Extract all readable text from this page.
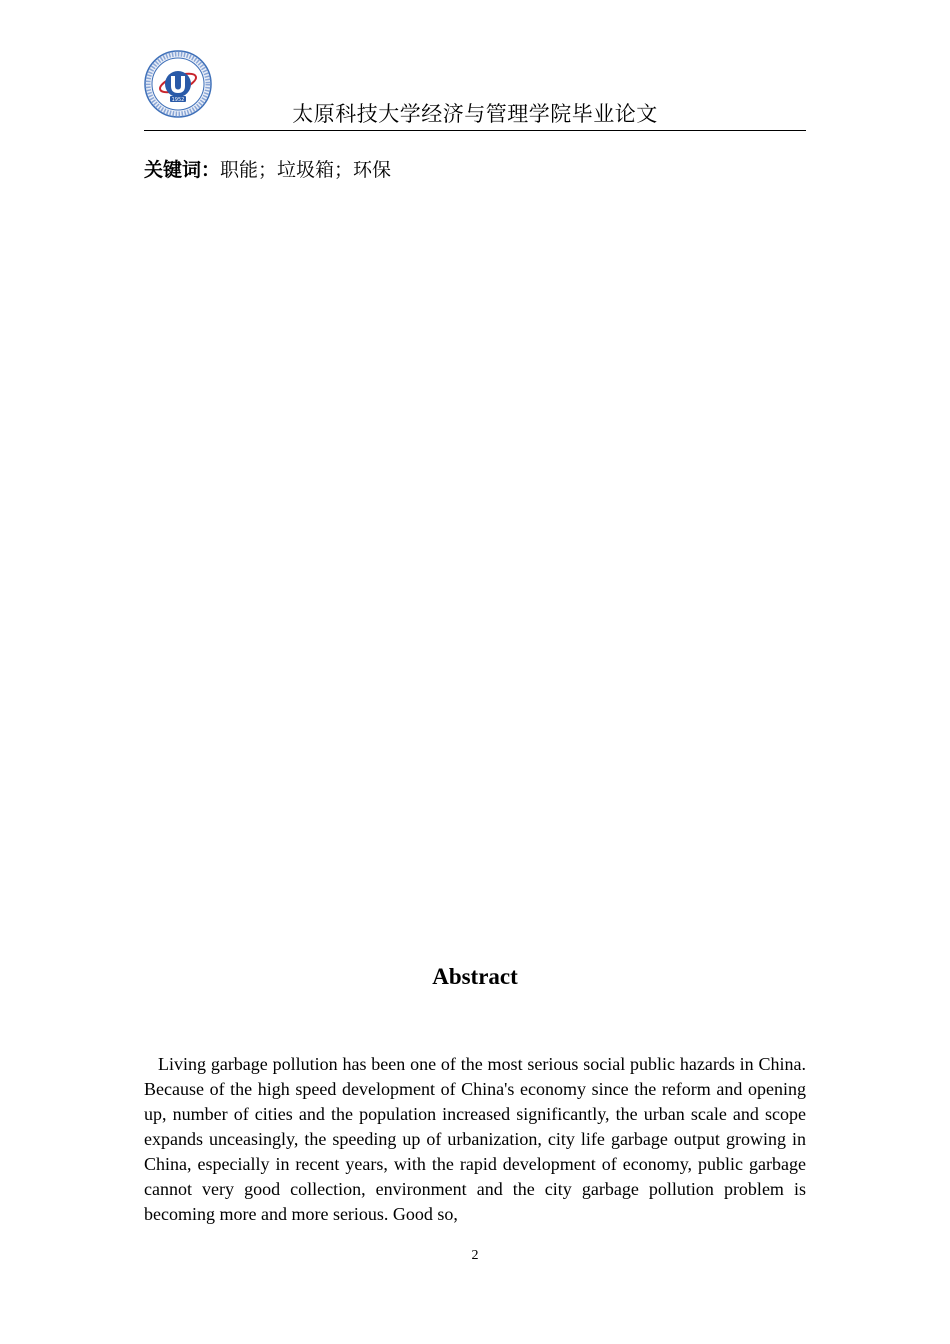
1952
太原科技大学经济与管理学院毕业论文
关键词：职能；垃圾箱；环保
Abstract

Living garbage pollution has been one of the most serious social public hazards in China. Because of the high speed development of China's economy since the reform and opening up, number of cities and the population increased significantly, the urban scale and scope expands unceasingly, the speeding up of urbanization, city life garbage output growing in China, especially in recent years, with the rapid development of economy, public garbage cannot very good collection, environment and the city garbage pollution problem is becoming more and more serious. Good so,

2
